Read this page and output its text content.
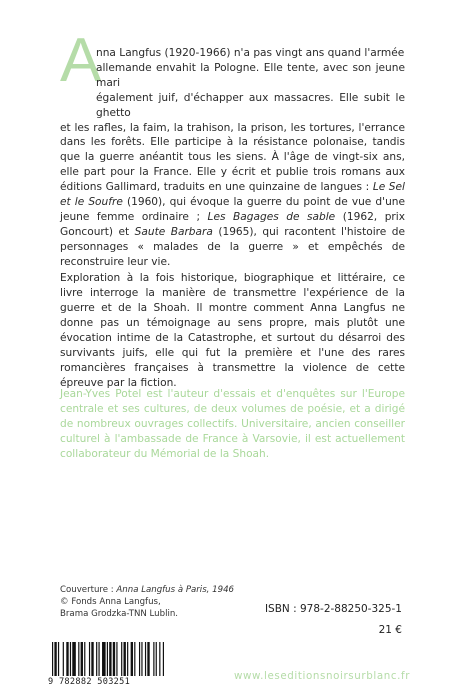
A
nna Langfus (1920-1966) n'a pas vingt ans quand l'armée
allemande envahit la Pologne. Elle tente, avec son jeune mari
également juif, d'échapper aux massacres. Elle subit le ghetto
et les rafles, la faim, la trahison, la prison, les tortures, l'errance dans les forêts. Elle participe à la résistance polonaise, tandis que la guerre anéantit tous les siens. À l'âge de vingt-six ans, elle part pour la France. Elle y écrit et publie trois romans aux éditions Gallimard, traduits en une quinzaine de langues : Le Sel et le Soufre (1960), qui évoque la guerre du point de vue d'une jeune femme ordinaire ; Les Bagages de sable (1962, prix Goncourt) et Saute Barbara (1965), qui racontent l'histoire de personnages « malades de la guerre » et empêchés de reconstruire leur vie.
Exploration à la fois historique, biographique et littéraire, ce livre interroge la manière de transmettre l'expérience de la guerre et de la Shoah. Il montre comment Anna Langfus ne donne pas un témoignage au sens propre, mais plutôt une évocation intime de la Catastrophe, et surtout du désarroi des survivants juifs, elle qui fut la première et l'une des rares romancières françaises à transmettre la violence de cette épreuve par la fiction.
Jean-Yves Potel est l'auteur d'essais et d'enquêtes sur l'Europe centrale et ses cultures, de deux volumes de poésie, et a dirigé de nombreux ouvrages collectifs. Universitaire, ancien conseiller culturel à l'ambassade de France à Varsovie, il est actuellement collaborateur du Mémorial de la Shoah.
Couverture : Anna Langfus à Paris, 1946
© Fonds Anna Langfus,
Brama Grodzka-TNN Lublin.	ISBN : 978-2-88250-325-1
21 €
9 782882 503251	www.leseditionsnoirsurblanc.fr
